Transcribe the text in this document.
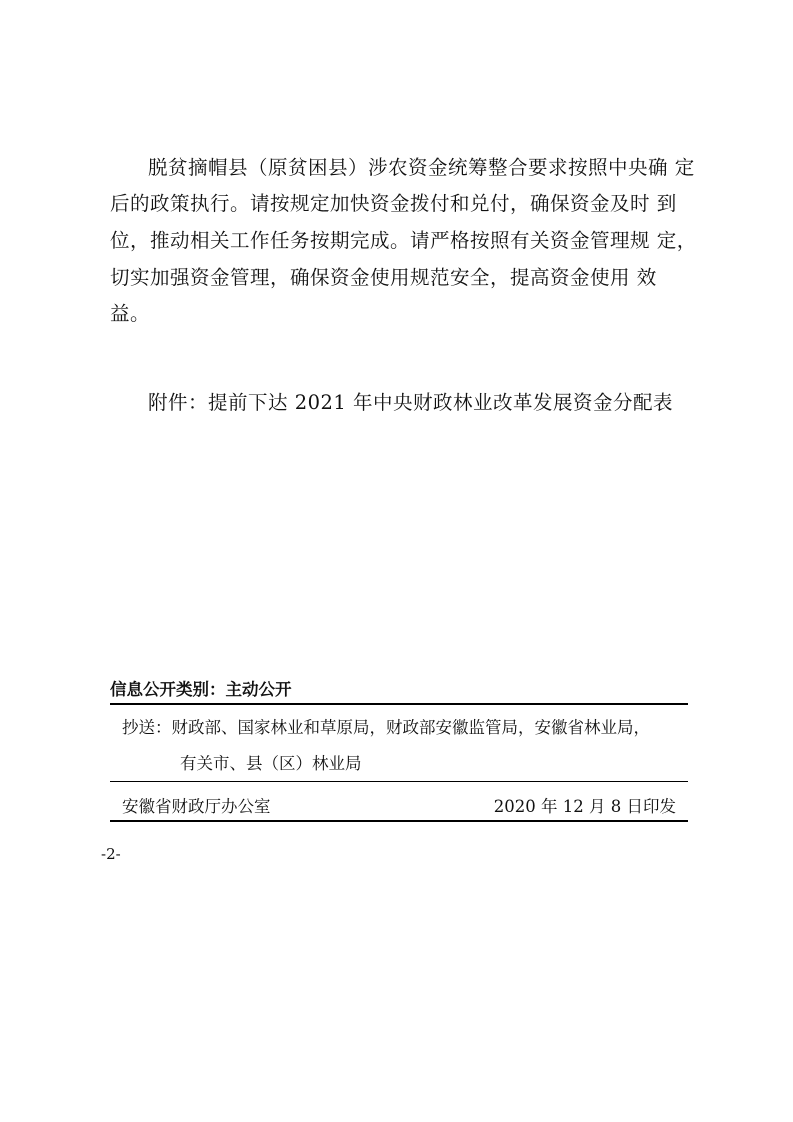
脱贫摘帽县（原贫困县）涉农资金统筹整合要求按照中央确 定
后的政策执行。请按规定加快资金拨付和兑付，确保资金及时 到
位，推动相关工作任务按期完成。请严格按照有关资金管理规 定，
切实加强资金管理，确保资金使用规范安全，提高资金使用 效
益。
附件：提前下达 2021 年中央财政林业改革发展资金分配表
信息公开类别：主动公开
抄送：财政部、国家林业和草原局，财政部安徽监管局，安徽省林业局，
有关市、县（区）林业局
安徽省财政厅办公室	2020 年 12 月 8 日印发
-2-
